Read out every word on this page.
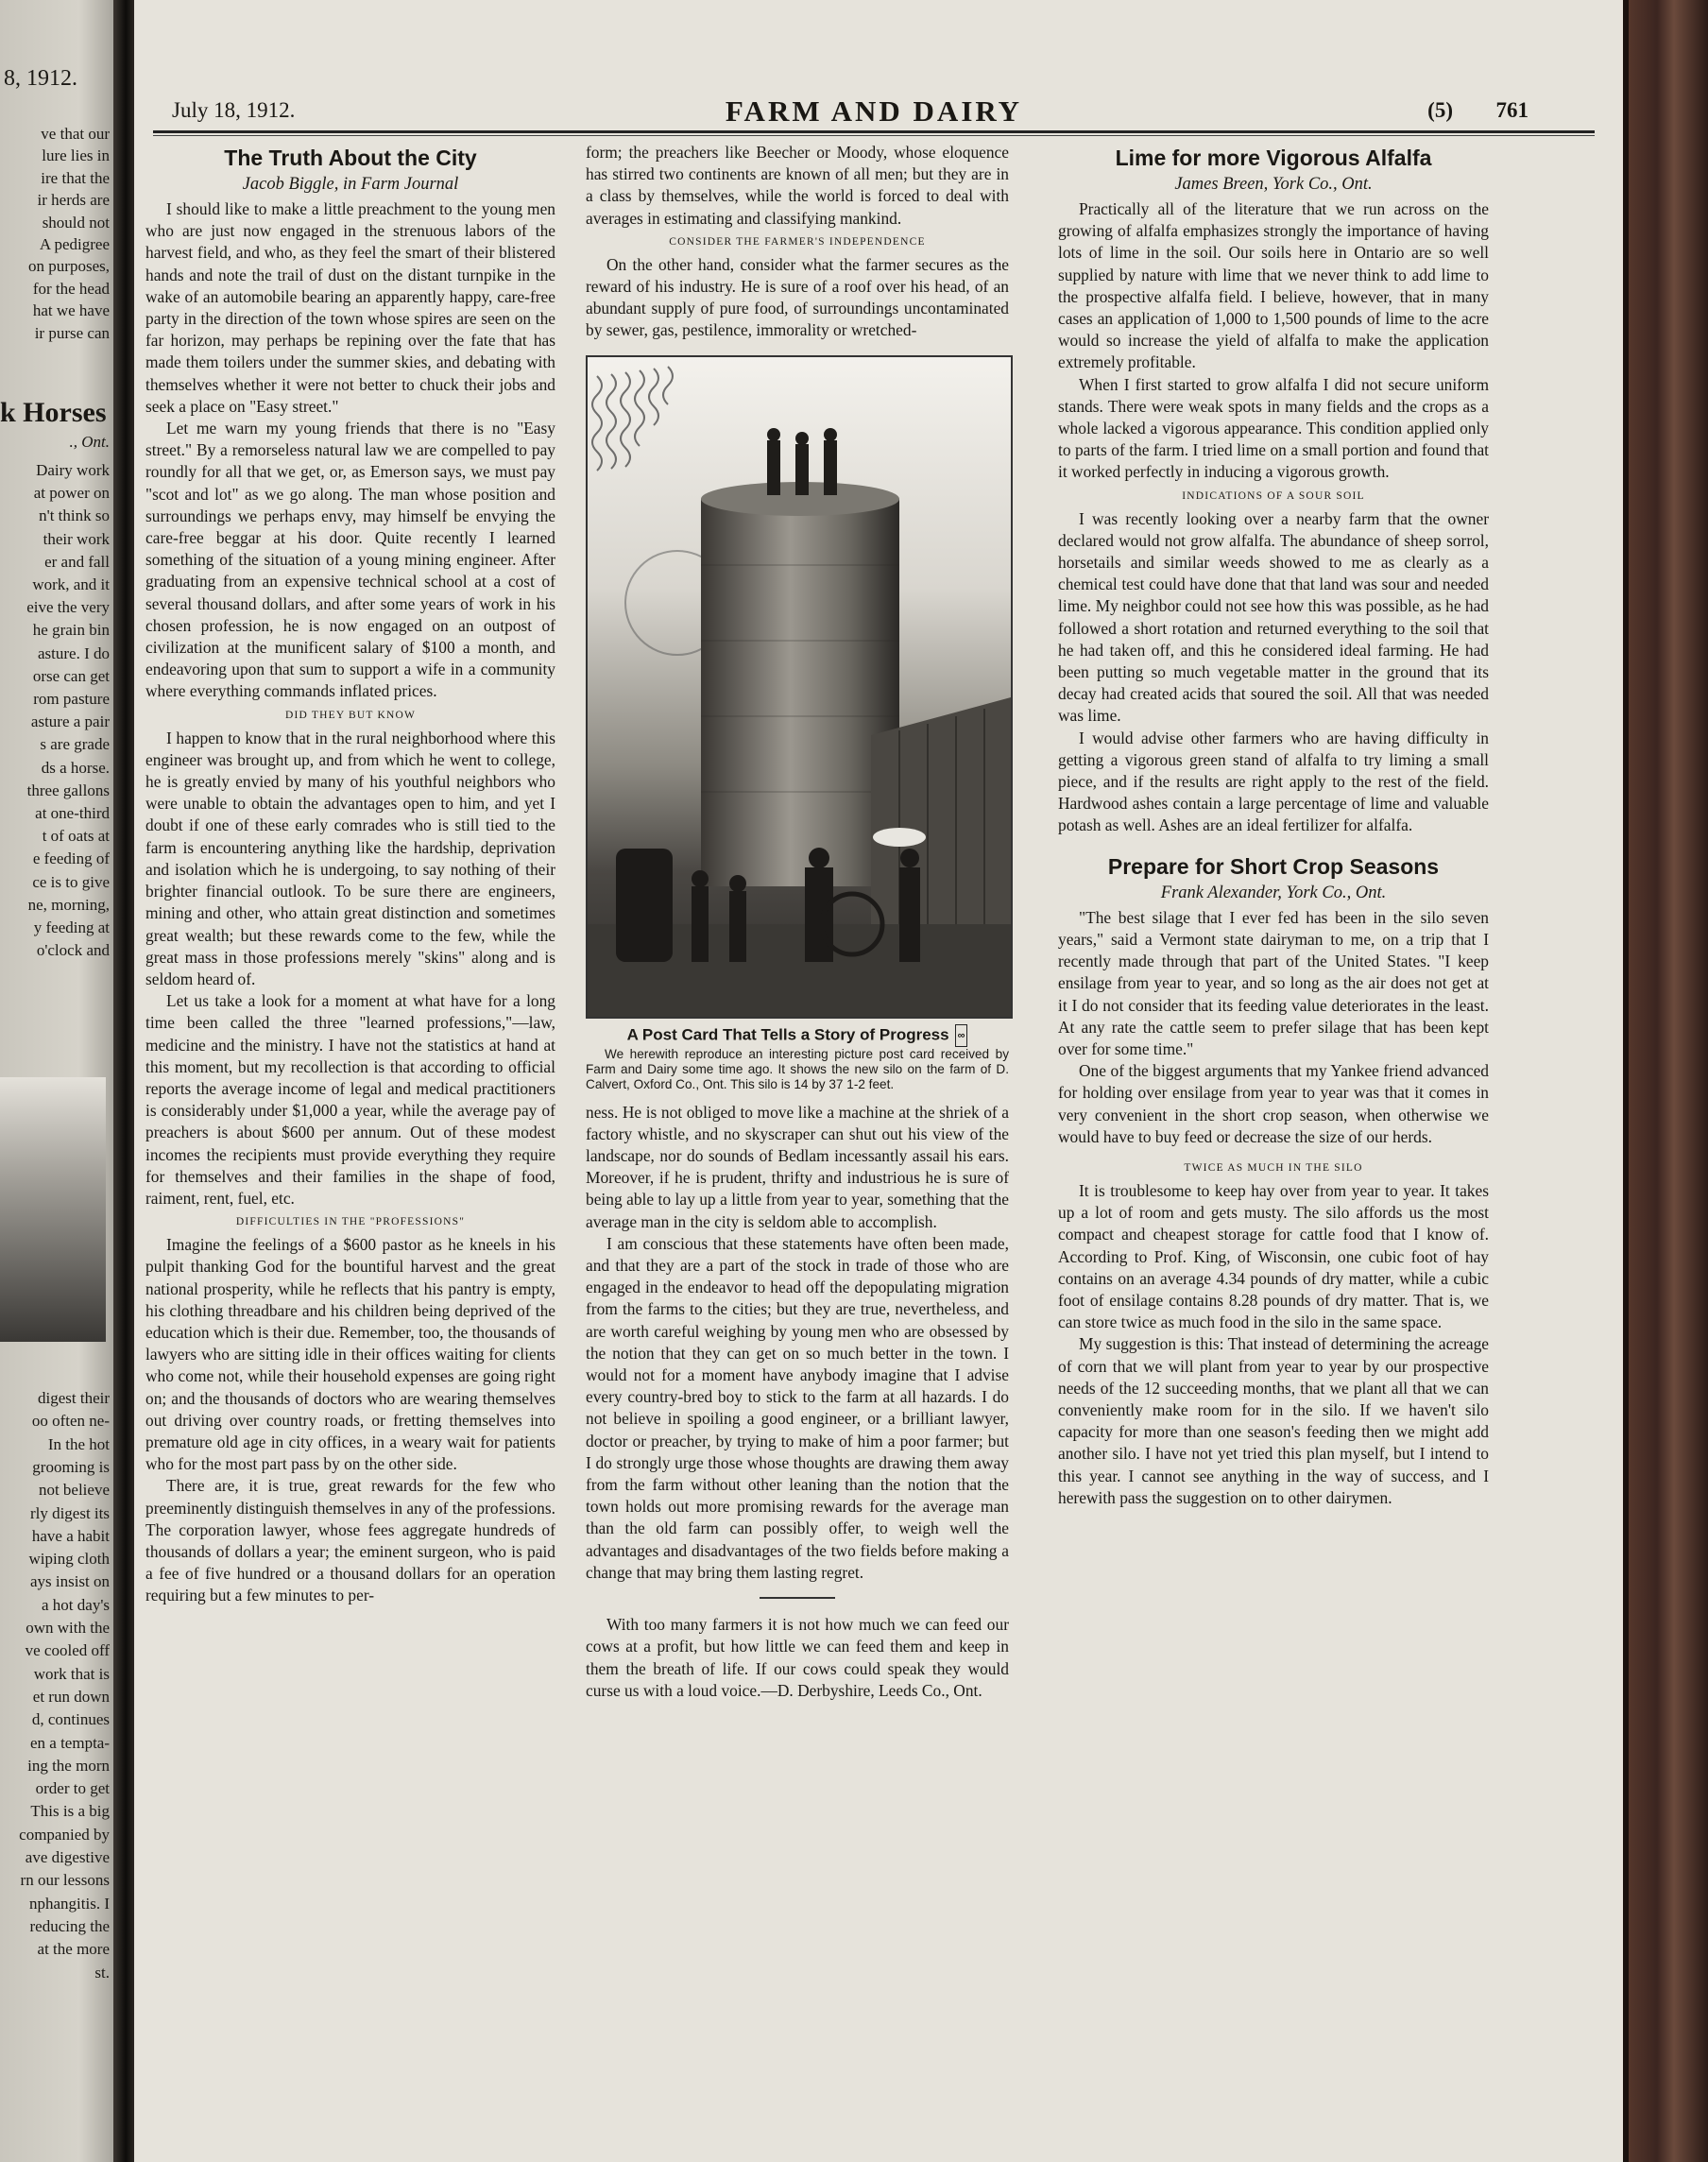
8, 1912.
ve that our
lure lies in
ire that the
ir herds are
should not
A pedigree
on purposes,
for the head
hat we have
ir purse can
k Horses
., Ont.
Dairy work
at power on
n't think so
their work
er and fall
work, and it
eive the very
he grain bin
asture. I do
orse can get
rom pasture
asture a pair
s are grade
ds a horse.
three gallons
at one-third
t of oats at
e feeding of
ce is to give
ne, morning,
y feeding at
o'clock and
digest their
oo often ne-
In the hot
grooming is
not believe
rly digest its
have a habit
wiping cloth
ays insist on
a hot day's
own with the
ve cooled off
work that is
et run down
d, continues
en a tempta-
ing the morn
order to get
This is a big
companied by
ave digestive
rn our lessons
nphangitis. I
reducing the
at the more
st.
July 18, 1912.	FARM AND DAIRY	(5) 761
The Truth About the City
Jacob Biggle, in Farm Journal

I should like to make a little preachment to the young men who are just now engaged in the strenuous labors of the harvest field, and who, as they feel the smart of their blistered hands and note the trail of dust on the distant turnpike in the wake of an automobile bearing an apparently happy, care-free party in the direction of the town whose spires are seen on the far horizon, may perhaps be repining over the fate that has made them toilers under the summer skies, and debating with themselves whether it were not better to chuck their jobs and seek a place on "Easy street."

Let me warn my young friends that there is no "Easy street." By a remorseless natural law we are compelled to pay roundly for all that we get, or, as Emerson says, we must pay "scot and lot" as we go along. The man whose position and surroundings we perhaps envy, may himself be envying the care-free beggar at his door. Quite recently I learned something of the situation of a young mining engineer. After graduating from an expensive technical school at a cost of several thousand dollars, and after some years of work in his chosen profession, he is now engaged on an outpost of civilization at the munificent salary of $100 a month, and endeavoring upon that sum to support a wife in a community where everything commands inflated prices.

DID THEY BUT KNOW

I happen to know that in the rural neighborhood where this engineer was brought up, and from which he went to college, he is greatly envied by many of his youthful neighbors who were unable to obtain the advantages open to him, and yet I doubt if one of these early comrades who is still tied to the farm is encountering anything like the hardship, deprivation and isolation which he is undergoing, to say nothing of their brighter financial outlook. To be sure there are engineers, mining and other, who attain great distinction and sometimes great wealth; but these rewards come to the few, while the great mass in those professions merely "skins" along and is seldom heard of.

Let us take a look for a moment at what have for a long time been called the three "learned professions,"—law, medicine and the ministry. I have not the statistics at hand at this moment, but my recollection is that according to official reports the average income of legal and medical practitioners is considerably under $1,000 a year, while the average pay of preachers is about $600 per annum. Out of these modest incomes the recipients must provide everything they require for themselves and their families in the shape of food, raiment, rent, fuel, etc.

DIFFICULTIES IN THE "PROFESSIONS"

Imagine the feelings of a $600 pastor as he kneels in his pulpit thanking God for the bountiful harvest and the great national prosperity, while he reflects that his pantry is empty, his clothing threadbare and his children being deprived of the education which is their due. Remember, too, the thousands of lawyers who are sitting idle in their offices waiting for clients who come not, while their household expenses are going right on; and the thousands of doctors who are wearing themselves out driving over country roads, or fretting themselves into premature old age in city offices, in a weary wait for patients who for the most part pass by on the other side.

There are, it is true, great rewards for the few who preeminently distinguish themselves in any of the professions. The corporation lawyer, whose fees aggregate hundreds of thousands of dollars a year; the eminent surgeon, who is paid a fee of five hundred or a thousand dollars for an operation requiring but a few minutes to per-

form; the preachers like Beecher or Moody, whose eloquence has stirred two continents are known of all men; but they are in a class by themselves, while the world is forced to deal with averages in estimating and classifying mankind.

CONSIDER THE FARMER'S INDEPENDENCE

On the other hand, consider what the farmer secures as the reward of his industry. He is sure of a roof over his head, of an abundant supply of pure food, of surroundings uncontaminated by sewer, gas, pestilence, immorality or wretched-

A Post Card That Tells a Story of Progress ∞
We herewith reproduce an interesting picture post card received by Farm and Dairy some time ago. It shows the new silo on the farm of D. Calvert, Oxford Co., Ont. This silo is 14 by 37 1-2 feet.

ness. He is not obliged to move like a machine at the shriek of a factory whistle, and no skyscraper can shut out his view of the landscape, nor do sounds of Bedlam incessantly assail his ears. Moreover, if he is prudent, thrifty and industrious he is sure of being able to lay up a little from year to year, something that the average man in the city is seldom able to accomplish.

I am conscious that these statements have often been made, and that they are a part of the stock in trade of those who are engaged in the endeavor to head off the depopulating migration from the farms to the cities; but they are true, nevertheless, and are worth careful weighing by young men who are obsessed by the notion that they can get on so much better in the town. I would not for a moment have anybody imagine that I advise every country-bred boy to stick to the farm at all hazards. I do not believe in spoiling a good engineer, or a brilliant lawyer, doctor or preacher, by trying to make of him a poor farmer; but I do strongly urge those whose thoughts are drawing them away from the farm without other leaning than the notion that the town holds out more promising rewards for the average man than the old farm can possibly offer, to weigh well the advantages and disadvantages of the two fields before making a change that may bring them lasting regret.

With too many farmers it is not how much we can feed our cows at a profit, but how little we can feed them and keep in them the breath of life. If our cows could speak they would curse us with a loud voice.—D. Derbyshire, Leeds Co., Ont.

Lime for more Vigorous Alfalfa
James Breen, York Co., Ont.

Practically all of the literature that we run across on the growing of alfalfa emphasizes strongly the importance of having lots of lime in the soil. Our soils here in Ontario are so well supplied by nature with lime that we never think to add lime to the prospective alfalfa field. I believe, however, that in many cases an application of 1,000 to 1,500 pounds of lime to the acre would so increase the yield of alfalfa to make the application extremely profitable.

When I first started to grow alfalfa I did not secure uniform stands. There were weak spots in many fields and the crops as a whole lacked a vigorous appearance. This condition applied only to parts of the farm. I tried lime on a small portion and found that it worked perfectly in inducing a vigorous growth.

INDICATIONS OF A SOUR SOIL

I was recently looking over a nearby farm that the owner declared would not grow alfalfa. The abundance of sheep sorrol, horsetails and similar weeds showed to me as clearly as a chemical test could have done that that land was sour and needed lime. My neighbor could not see how this was possible, as he had followed a short rotation and returned everything to the soil that he had taken off, and this he considered ideal farming. He had been putting so much vegetable matter in the ground that its decay had created acids that soured the soil. All that was needed was lime.

I would advise other farmers who are having difficulty in getting a vigorous green stand of alfalfa to try liming a small piece, and if the results are right apply to the rest of the field. Hardwood ashes contain a large percentage of lime and valuable potash as well. Ashes are an ideal fertilizer for alfalfa.

Prepare for Short Crop Seasons
Frank Alexander, York Co., Ont.

"The best silage that I ever fed has been in the silo seven years," said a Vermont state dairyman to me, on a trip that I recently made through that part of the United States. "I keep ensilage from year to year, and so long as the air does not get at it I do not consider that its feeding value deteriorates in the least. At any rate the cattle seem to prefer silage that has been kept over for some time."

One of the biggest arguments that my Yankee friend advanced for holding over ensilage from year to year was that it comes in very convenient in the short crop season, when otherwise we would have to buy feed or decrease the size of our herds.

TWICE AS MUCH IN THE SILO

It is troublesome to keep hay over from year to year. It takes up a lot of room and gets musty. The silo affords us the most compact and cheapest storage for cattle food that I know of. According to Prof. King, of Wisconsin, one cubic foot of hay contains on an average 4.34 pounds of dry matter, while a cubic foot of ensilage contains 8.28 pounds of dry matter. That is, we can store twice as much food in the silo in the same space.

My suggestion is this: That instead of determining the acreage of corn that we will plant from year to year by our prospective needs of the 12 succeeding months, that we plant all that we can conveniently make room for in the silo. If we haven't silo capacity for more than one season's feeding then we might add another silo. I have not yet tried this plan myself, but I intend to this year. I cannot see anything in the way of success, and I herewith pass the suggestion on to other dairymen.
